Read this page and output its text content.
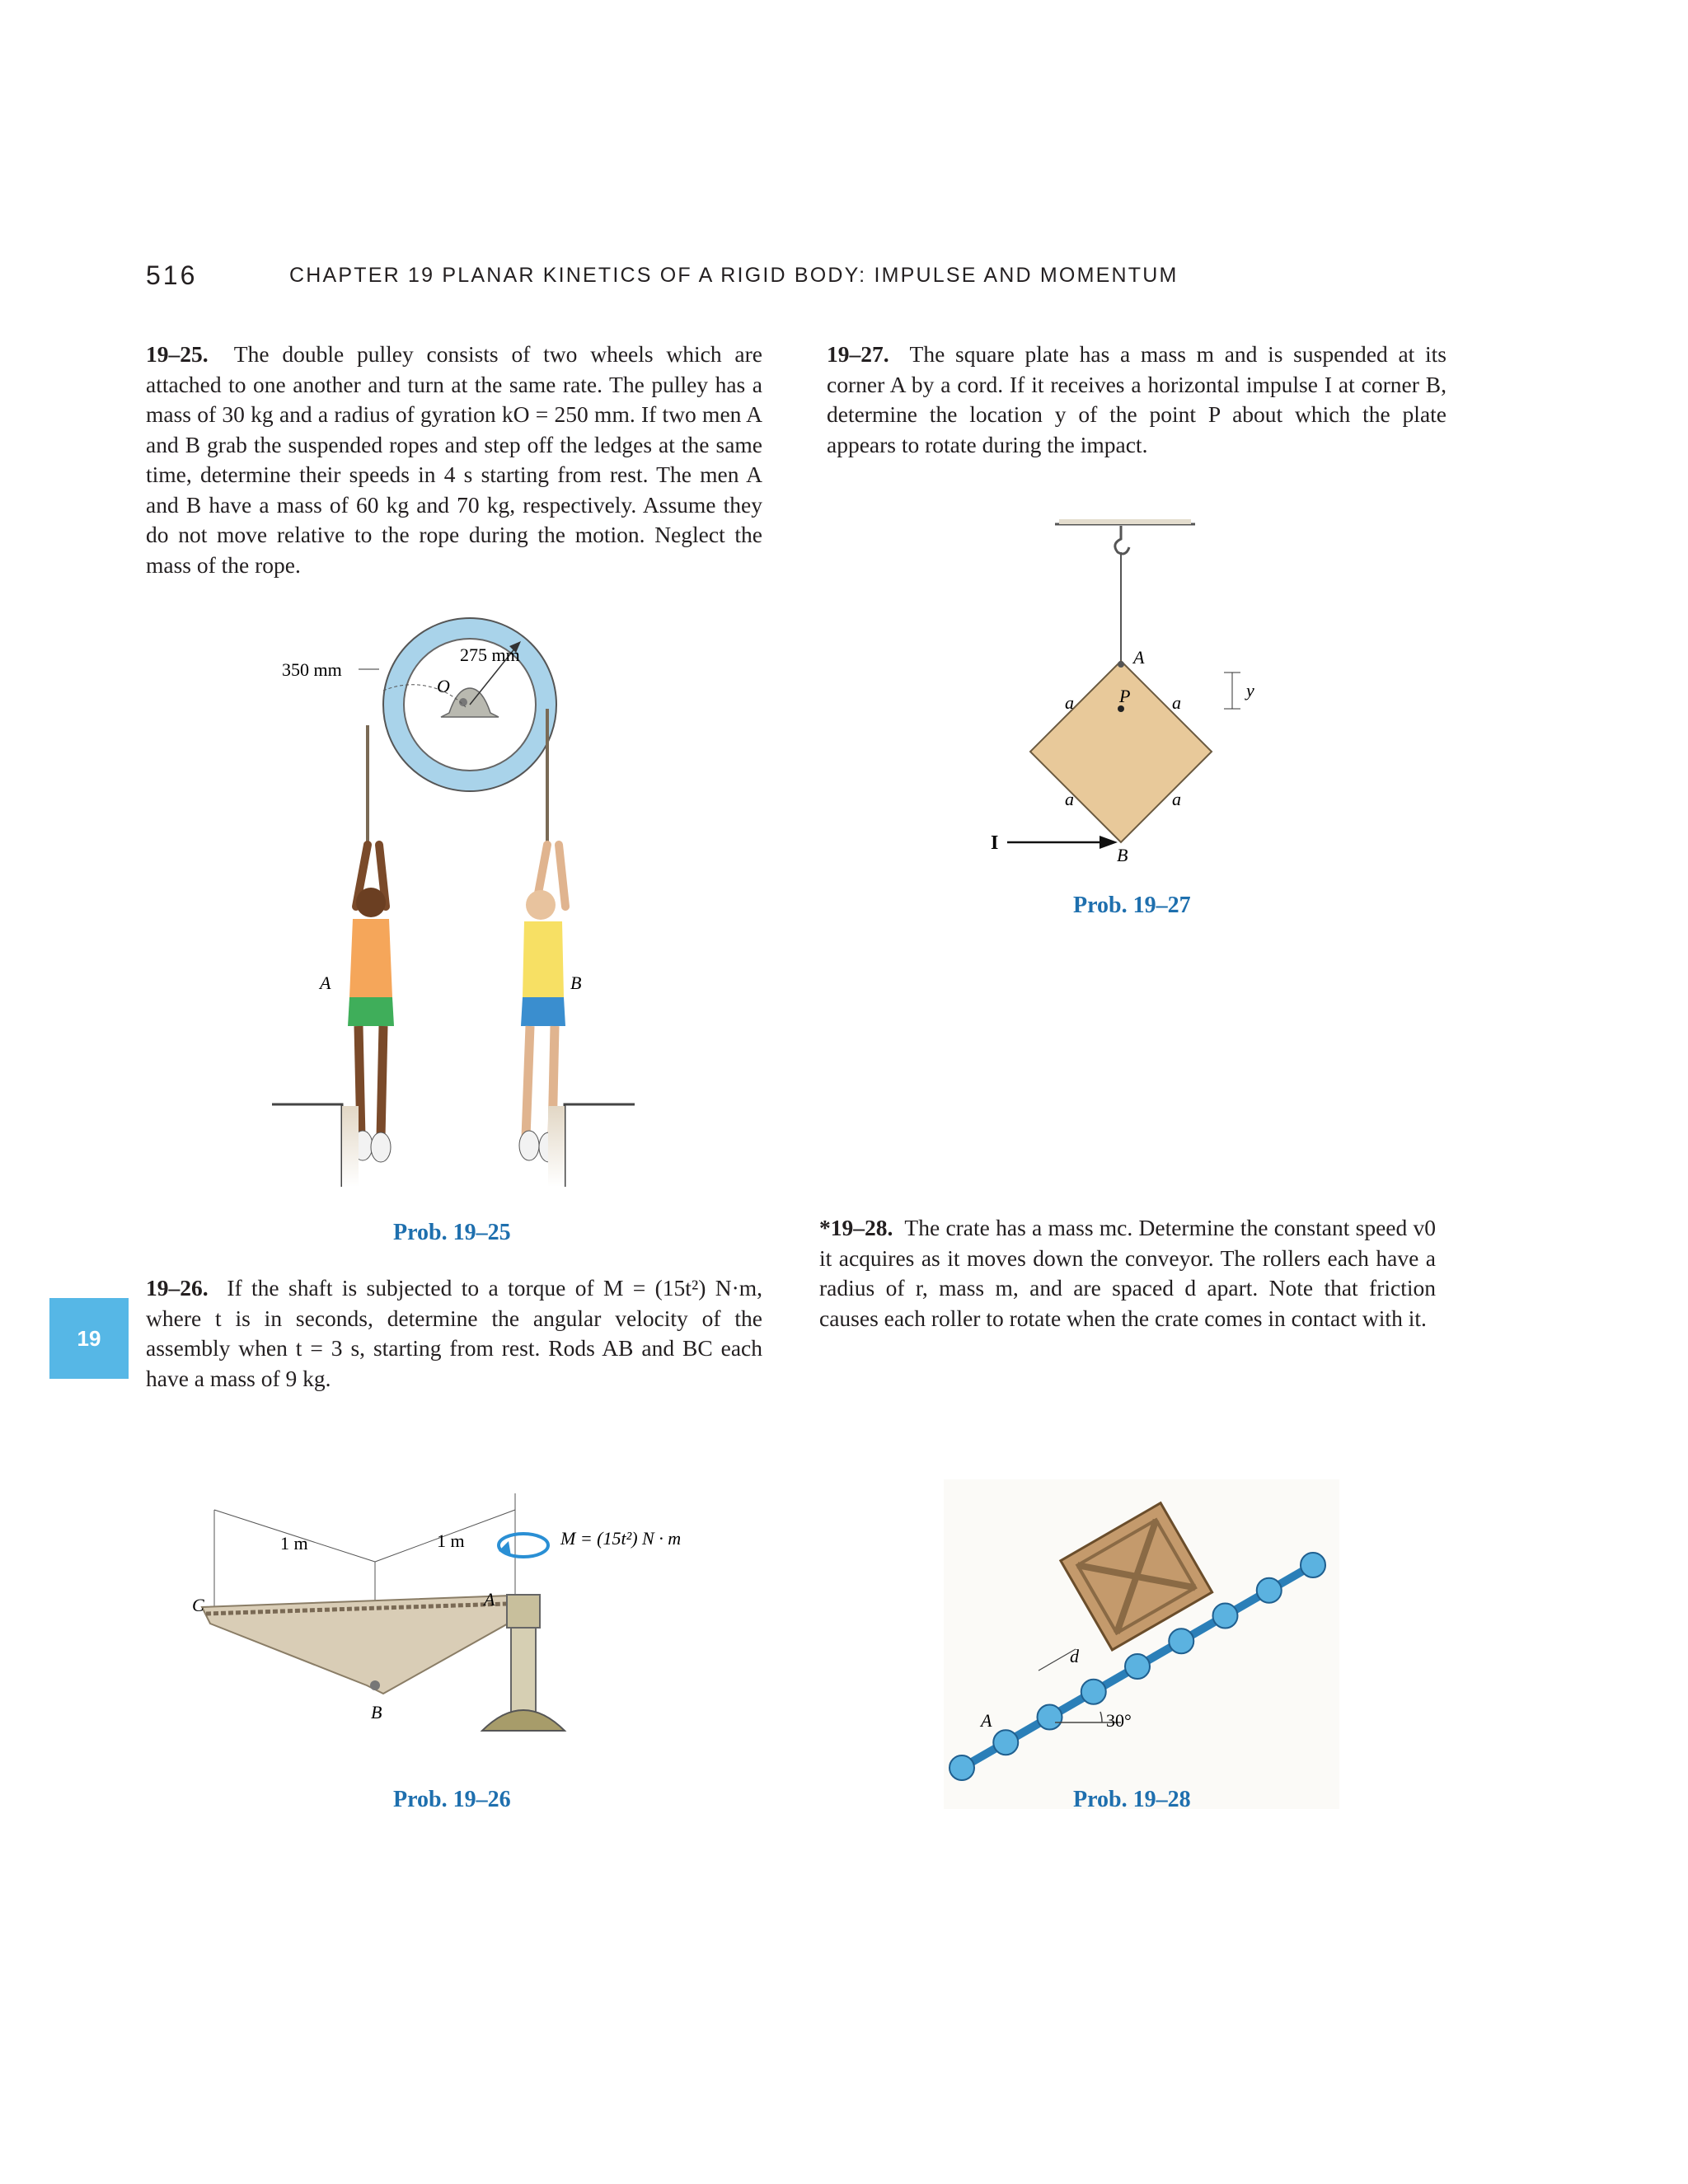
516	CHAPTER 19 PLANAR KINETICS OF A RIGID BODY: IMPULSE AND MOMENTUM
19

19–25. The double pulley consists of two wheels which are attached to one another and turn at the same rate. The pulley has a mass of 30 kg and a radius of gyration kO = 250 mm. If two men A and B grab the suspended ropes and step off the ledges at the same time, determine their speeds in 4 s starting from rest. The men A and B have a mass of 60 kg and 70 kg, respectively. Assume they do not move relative to the rope during the motion. Neglect the mass of the rope.

19–27. The square plate has a mass m and is suspended at its corner A by a cord. If it receives a horizontal impulse I at corner B, determine the location y of the point P about which the plate appears to rotate during the impact.

350 mm
275 mm
O
A	B
A
P
B
y
a	a
a	a
I
Prob. 19–27
Prob. 19–25	*19–28. The crate has a mass mc. Determine the constant speed v0 it acquires as it moves down the conveyor. The rollers each have a radius of r, mass m, and are spaced d apart. Note that friction causes each roller to rotate when the crate comes in contact with it.

19–26. If the shaft is subjected to a torque of M = (15t²) N·m, where t is in seconds, determine the angular velocity of the assembly when t = 3 s, starting from rest. Rods AB and BC each have a mass of 9 kg.

1 m	1 m	M = (15t²) N · m
A
B
C
d
30°
A
Prob. 19–26	Prob. 19–28
